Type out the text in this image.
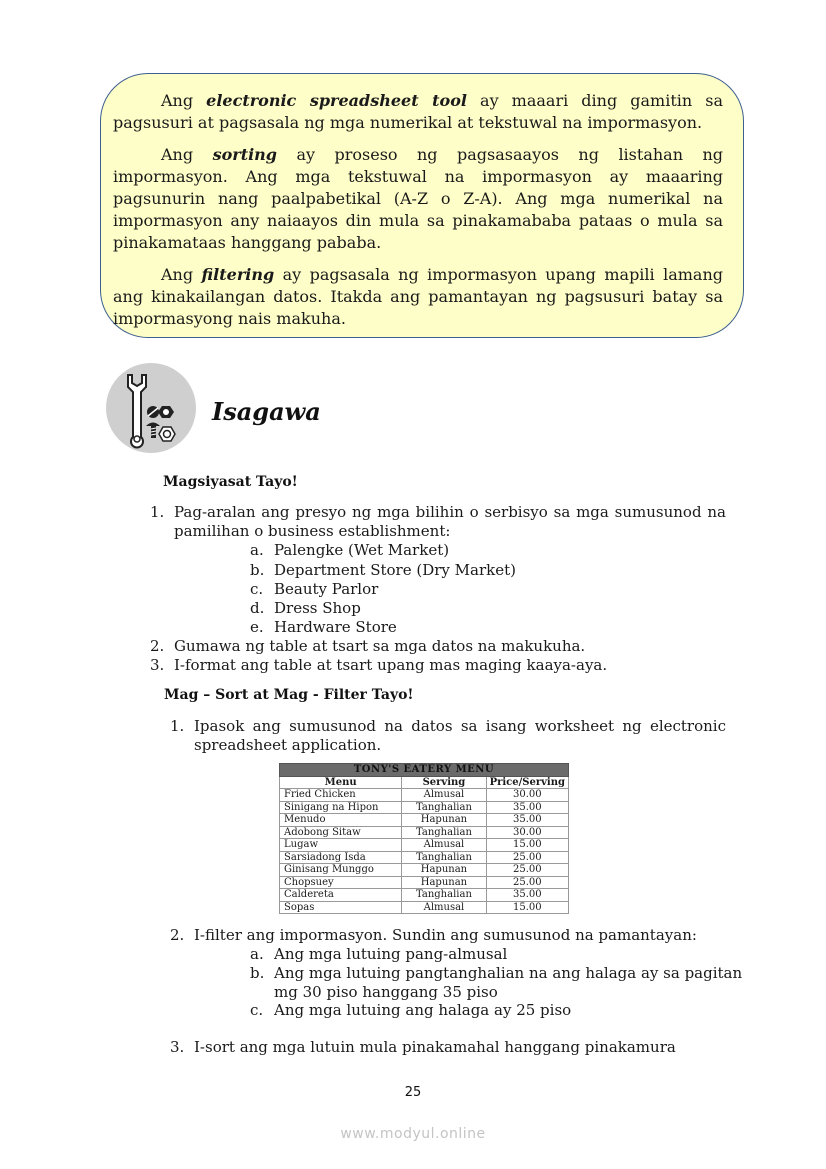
Ang electronic spreadsheet tool ay maaari ding gamitin sa pagsusuri at pagsasala ng mga numerikal at tekstuwal na impormasyon.

Ang sorting ay proseso ng pagsasaayos ng listahan ng impormasyon. Ang mga tekstuwal na impormasyon ay maaaring pagsunurin nang paalpabetikal (A-Z o Z-A). Ang mga numerikal na impormasyon any naiaayos din mula sa pinakamababa pataas o mula sa pinakamataas hanggang pababa.

Ang filtering ay pagsasala ng impormasyon upang mapili lamang ang kinakailangan datos. Itakda ang pamantayan ng pagsusuri batay sa impormasyong nais makuha.

Isagawa
Magsiyasat Tayo!
1. Pag-aralan ang presyo ng mga bilihin o serbisyo sa mga sumusunod na
pamilihan o business establishment:
a. Palengke (Wet Market)
b. Department Store (Dry Market)
c. Beauty Parlor
d. Dress Shop
e. Hardware Store
2. Gumawa ng table at tsart sa mga datos na makukuha.
3. I-format ang table at tsart upang mas maging kaaya-aya.
Mag – Sort at Mag - Filter Tayo!
1. Ipasok ang sumusunod na datos sa isang worksheet ng electronic
spreadsheet application.
TONY'S EATERY MENU		
Menu	Serving	Price/Serving
Fried Chicken	Almusal	30.00
Sinigang na Hipon	Tanghalian	35.00
Menudo	Hapunan	35.00
Adobong Sitaw	Tanghalian	30.00
Lugaw	Almusal	15.00
Sarsiadong Isda	Tanghalian	25.00
Ginisang Munggo	Hapunan	25.00
Chopsuey	Hapunan	25.00
Caldereta	Tanghalian	35.00
Sopas	Almusal	15.00
2. I-filter ang impormasyon. Sundin ang sumusunod na pamantayan:
a. Ang mga lutuing pang-almusal
b. Ang mga lutuing pangtanghalian na ang halaga ay sa pagitan
mg 30 piso hanggang 35 piso
c. Ang mga lutuing ang halaga ay 25 piso
3. I-sort ang mga lutuin mula pinakamahal hanggang pinakamura
25
www.modyul.online
